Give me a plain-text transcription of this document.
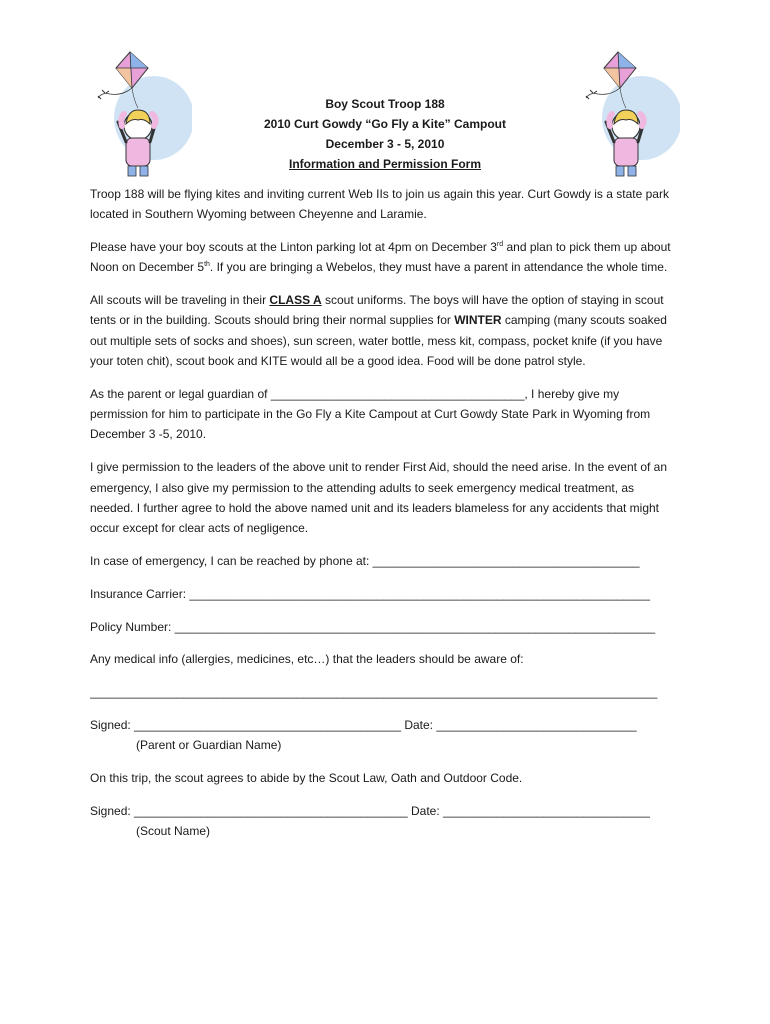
Boy Scout Troop 188
2010 Curt Gowdy “Go Fly a Kite” Campout
December 3 - 5, 2010
Information and Permission Form

Troop 188 will be flying kites and inviting current Web IIs to join us again this year. Curt Gowdy is a state park located in Southern Wyoming between Cheyenne and Laramie.

Please have your boy scouts at the Linton parking lot at 4pm on December 3rd and plan to pick them up about Noon on December 5th. If you are bringing a Webelos, they must have a parent in attendance the whole time.

All scouts will be traveling in their CLASS A scout uniforms. The boys will have the option of staying in scout tents or in the building. Scouts should bring their normal supplies for WINTER camping (many scouts soaked out multiple sets of socks and shoes), sun screen, water bottle, mess kit, compass, pocket knife (if you have your toten chit), scout book and KITE would all be a good idea. Food will be done patrol style.

As the parent or legal guardian of ______________________________________, I hereby give my permission for him to participate in the Go Fly a Kite Campout at Curt Gowdy State Park in Wyoming from December 3 -5, 2010.

I give permission to the leaders of the above unit to render First Aid, should the need arise. In the event of an emergency, I also give my permission to the attending adults to seek emergency medical treatment, as needed. I further agree to hold the above named unit and its leaders blameless for any accidents that might occur except for clear acts of negligence.

In case of emergency, I can be reached by phone at: ________________________________________
Insurance Carrier: _____________________________________________________________________
Policy Number: ________________________________________________________________________
Any medical info (allergies, medicines, etc…) that the leaders should be aware of:
_____________________________________________________________________________________
Signed: ________________________________________ Date: ______________________________
(Parent or Guardian Name)
On this trip, the scout agrees to abide by the Scout Law, Oath and Outdoor Code.
Signed: _________________________________________ Date: _______________________________
(Scout Name)
